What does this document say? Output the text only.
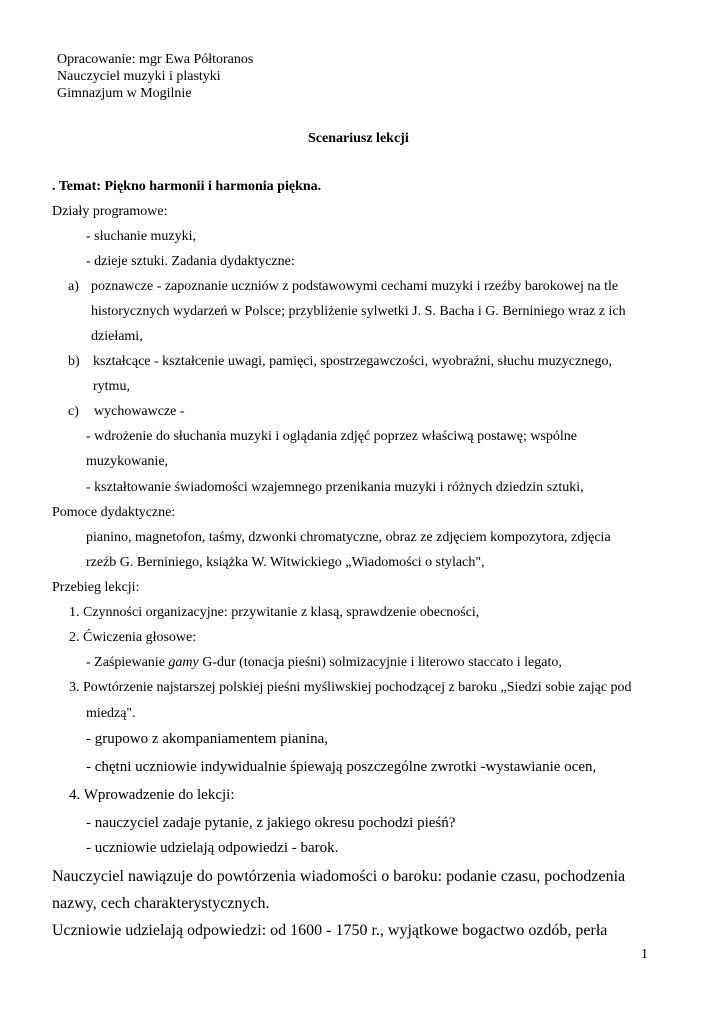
Opracowanie: mgr Ewa Półtoranos
Nauczyciel muzyki i plastyki
Gimnazjum w Mogilnie
Scenariusz lekcji
. Temat: Piękno harmonii i harmonia piękna.
Działy programowe:
- słuchanie muzyki,
- dzieje sztuki. Zadania dydaktyczne:
a) poznawcze - zapoznanie uczniów z podstawowymi cechami muzyki i rzeźby barokowej na tle
historycznych wydarzeń w Polsce; przybliżenie sylwetki J. S. Bacha i G. Berniniego wraz z ich
dziełami,
b) kształcące - kształcenie uwagi, pamięci, spostrzegawczości, wyobraźni, słuchu muzycznego,
rytmu,
c) wychowawcze -
- wdrożenie do słuchania muzyki i oglądania zdjęć poprzez właściwą postawę; wspólne
muzykowanie,
- kształtowanie świadomości wzajemnego przenikania muzyki i różnych dziedzin sztuki,
Pomoce dydaktyczne:
pianino, magnetofon, taśmy, dzwonki chromatyczne, obraz ze zdjęciem kompozytora, zdjęcia
rzeźb G. Berniniego, książka W. Witwickiego „Wiadomości o stylach",
Przebieg lekcji:
1. Czynności organizacyjne: przywitanie z klasą, sprawdzenie obecności,
2. Ćwiczenia głosowe:
- Zaśpiewanie gamy G-dur (tonacja pieśni) solmizacyjnie i literowo staccato i legato,
3. Powtórzenie najstarszej polskiej pieśni myśliwskiej pochodzącej z baroku „Siedzi sobie zając pod
miedzą".
- grupowo z akompaniamentem pianina,
- chętni uczniowie indywidualnie śpiewają poszczególne zwrotki -wystawianie ocen,
4. Wprowadzenie do lekcji:
- nauczyciel zadaje pytanie, z jakiego okresu pochodzi pieśń?
- uczniowie udzielają odpowiedzi - barok.
Nauczyciel nawiązuje do powtórzenia wiadomości o baroku: podanie czasu, pochodzenia
nazwy, cech charakterystycznych.
Uczniowie udzielają odpowiedzi: od 1600 - 1750 r., wyjątkowe bogactwo ozdób, perła
1
